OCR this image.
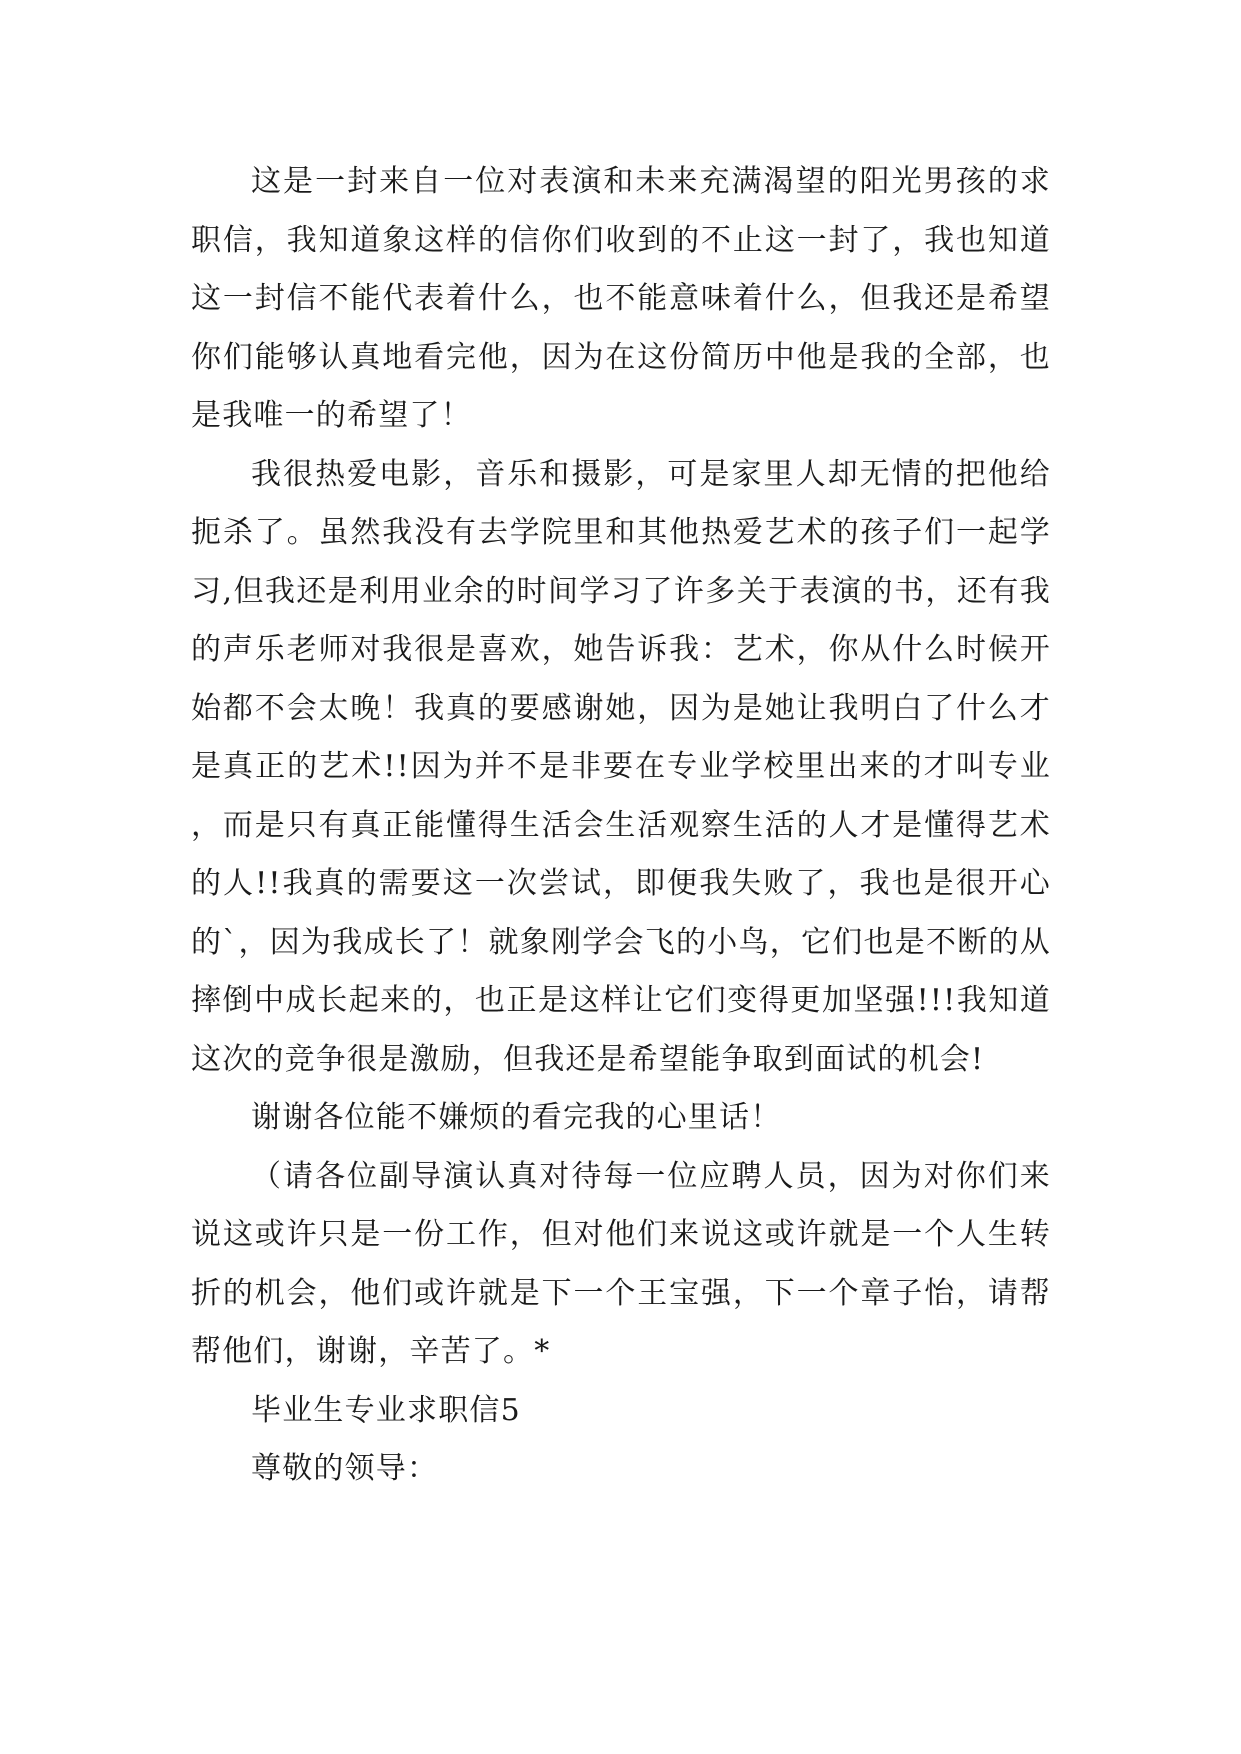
这是一封来自一位对表演和未来充满渴望的阳光男孩的求职信，我知道象这样的信你们收到的不止这一封了，我也知道这一封信不能代表着什么，也不能意味着什么，但我还是希望你们能够认真地看完他，因为在这份简历中他是我的全部，也是我唯一的希望了！

我很热爱电影，音乐和摄影，可是家里人却无情的把他给扼杀了。虽然我没有去学院里和其他热爱艺术的孩子们一起学习,但我还是利用业余的时间学习了许多关于表演的书，还有我的声乐老师对我很是喜欢，她告诉我：艺术，你从什么时候开始都不会太晚！我真的要感谢她，因为是她让我明白了什么才是真正的艺术!!因为并不是非要在专业学校里出来的才叫专业，而是只有真正能懂得生活会生活观察生活的人才是懂得艺术的人!!我真的需要这一次尝试，即便我失败了，我也是很开心的`，因为我成长了！就象刚学会飞的小鸟，它们也是不断的从摔倒中成长起来的，也正是这样让它们变得更加坚强!!!我知道这次的竞争很是激励，但我还是希望能争取到面试的机会!

谢谢各位能不嫌烦的看完我的心里话！

（请各位副导演认真对待每一位应聘人员，因为对你们来说这或许只是一份工作，但对他们来说这或许就是一个人生转折的机会，他们或许就是下一个王宝强，下一个章子怡，请帮帮他们，谢谢，辛苦了。*

毕业生专业求职信5

尊敬的领导：
